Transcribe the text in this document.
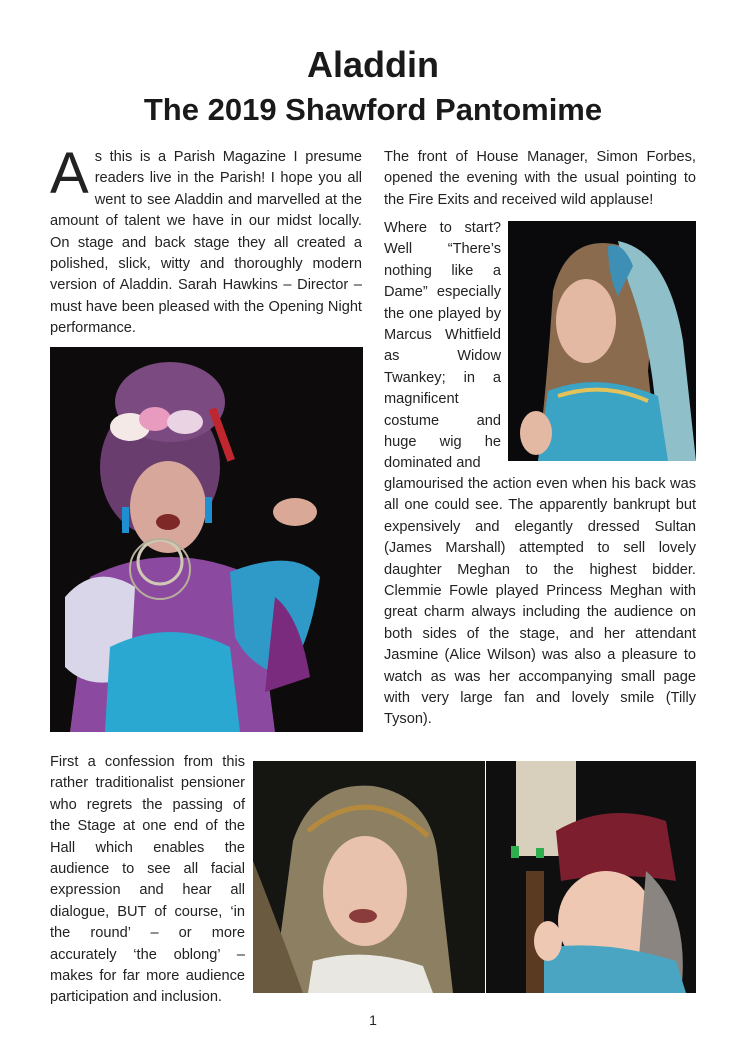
Aladdin
The 2019 Shawford Pantomime
As this is a Parish Magazine I presume readers live in the Parish! I hope you all went to see Aladdin and marvelled at the amount of talent we have in our midst locally. On stage and back stage they all created a polished, slick, witty and thoroughly modern version of Aladdin. Sarah Hawkins – Director – must have been pleased with the Opening Night performance.

The front of House Manager, Simon Forbes, opened the evening with the usual pointing to the Fire Exits and received wild applause!

Where to start? Well “There’s nothing like a Dame” especially the one played by Marcus Whitfield as Widow Twankey; in a magnificent costume and huge wig he dominated and

glamourised the action even when his back was all one could see. The apparently bankrupt but expensively and elegantly dressed Sultan (James Marshall) attempted to sell lovely daughter Meghan to the highest bidder. Clemmie Fowle played Princess Meghan with great charm always including the audience on both sides of the stage, and her attendant Jasmine (Alice Wilson) was also a pleasure to watch as was her accompanying small page with very large fan and lovely smile (Tilly Tyson).

First a confession from this rather traditionalist pensioner who regrets the passing of the Stage at one end of the Hall which enables the audience to see all facial expression and hear all dialogue, BUT of course, ‘in the round’ – or more accurately ‘the oblong’ – makes for far more audience participation and inclusion.

1
